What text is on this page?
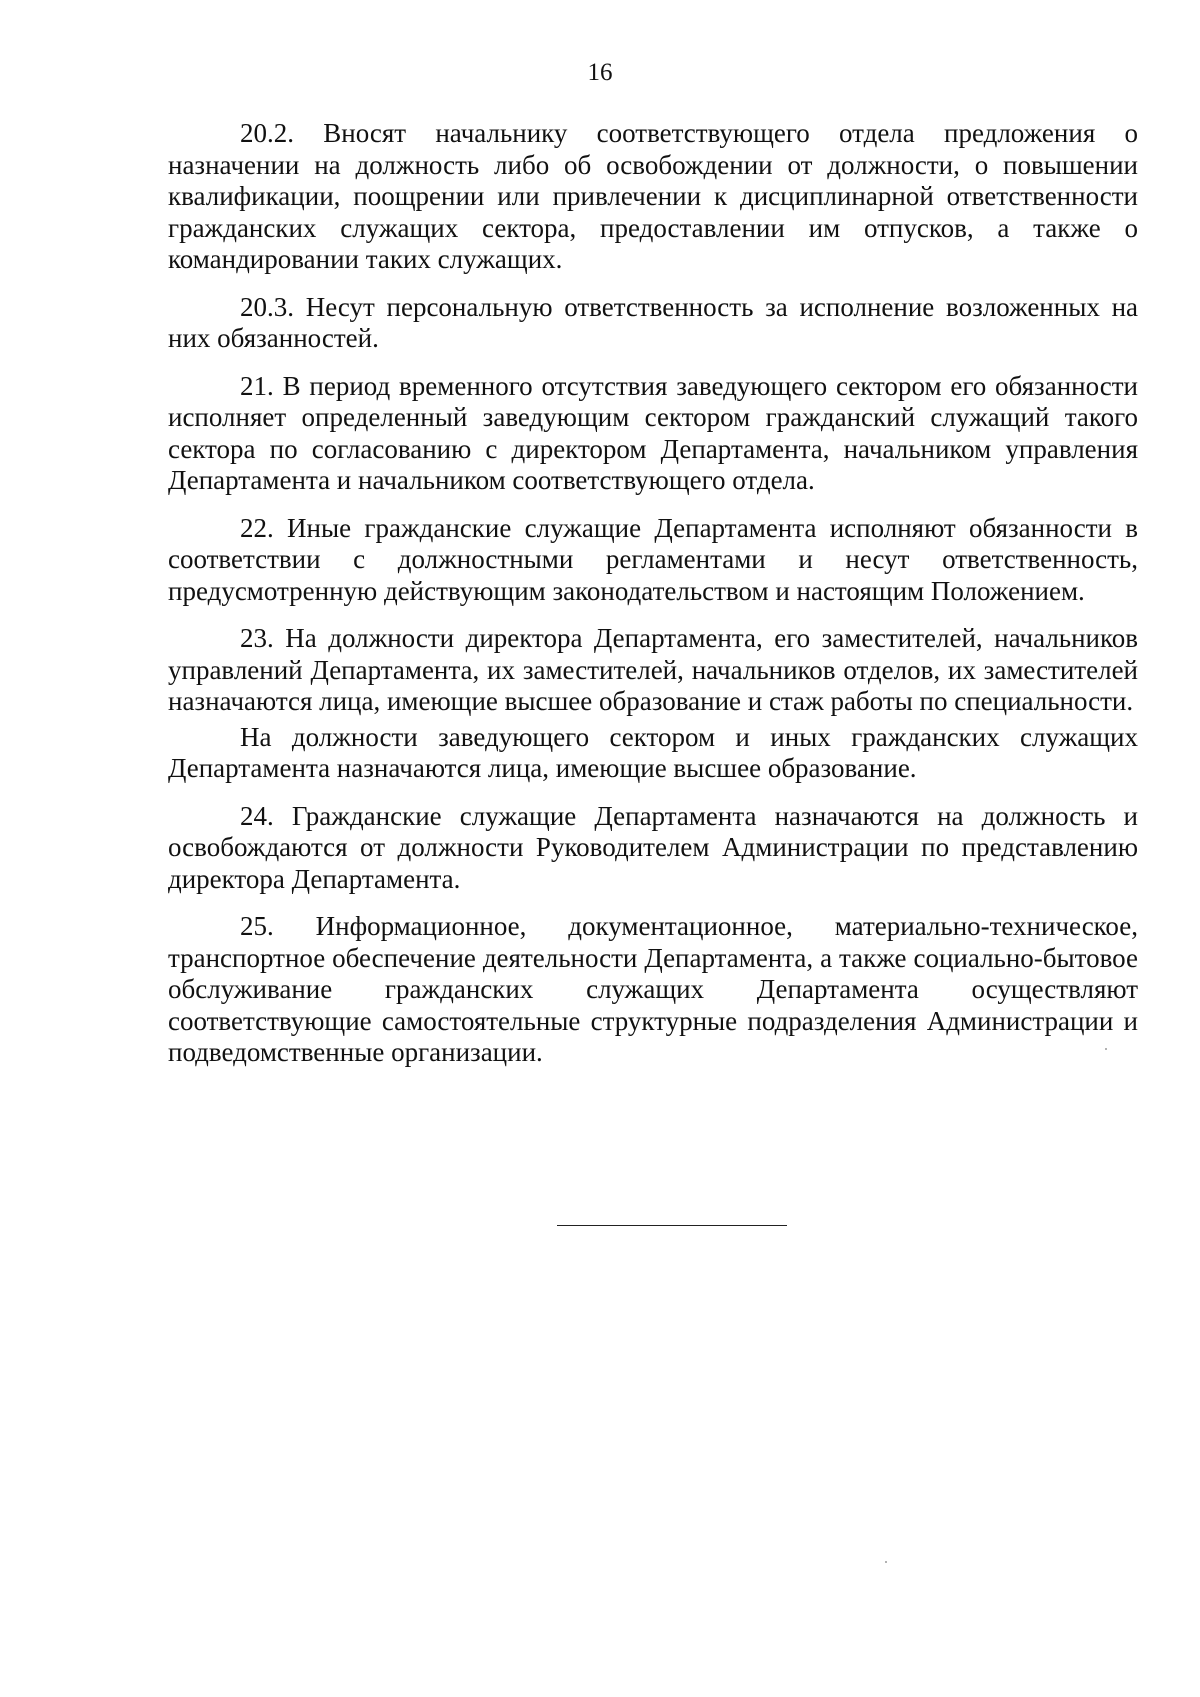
16

20.2. Вносят начальнику соответствующего отдела предложения о назначении на должность либо об освобождении от должности, о повышении квалификации, поощрении или привлечении к дисциплинарной ответственности гражданских служащих сектора, предоставлении им отпусков, а также о командировании таких служащих.

20.3. Несут персональную ответственность за исполнение возложенных на них обязанностей.

21. В период временного отсутствия заведующего сектором его обязанности исполняет определенный заведующим сектором гражданский служащий такого сектора по согласованию с директором Департамента, начальником управления Департамента и начальником соответствующего отдела.

22. Иные гражданские служащие Департамента исполняют обязанности в соответствии с должностными регламентами и несут ответственность, предусмотренную действующим законодательством и настоящим Положением.

23. На должности директора Департамента, его заместителей, начальников управлений Департамента, их заместителей, начальников отделов, их заместителей назначаются лица, имеющие высшее образование и стаж работы по специальности.

На должности заведующего сектором и иных гражданских служащих Департамента назначаются лица, имеющие высшее образование.

24. Гражданские служащие Департамента назначаются на должность и освобождаются от должности Руководителем Администрации по представлению директора Департамента.

25. Информационное, документационное, материально-техническое, транспортное обеспечение деятельности Департамента, а также социально-бытовое обслуживание гражданских служащих Департамента осуществляют соответствующие самостоятельные структурные подразделения Администрации и подведомственные организации.
